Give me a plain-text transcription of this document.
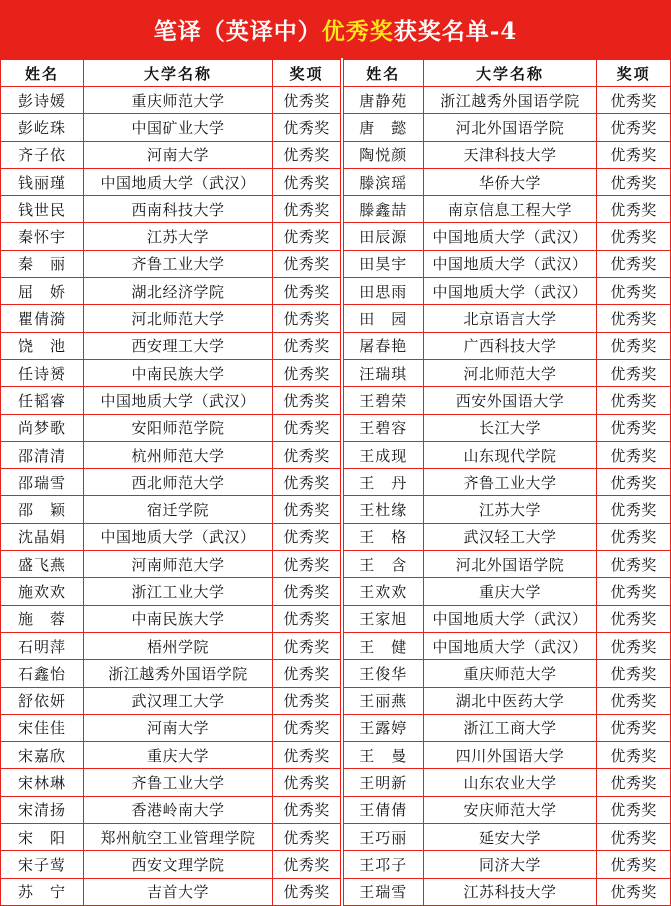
笔译（英译中） 优秀奖 获奖名单-4
姓名	大学名称	奖项
彭诗媛	重庆师范大学	优秀奖
彭屹珠	中国矿业大学	优秀奖
齐子依	河南大学	优秀奖
钱丽瑾	中国地质大学（武汉）	优秀奖
钱世民	西南科技大学	优秀奖
秦怀宇	江苏大学	优秀奖
秦　丽	齐鲁工业大学	优秀奖
屈　娇	湖北经济学院	优秀奖
瞿倩漪	河北师范大学	优秀奖
饶　池	西安理工大学	优秀奖
任诗赟	中南民族大学	优秀奖
任韬睿	中国地质大学（武汉）	优秀奖
尚梦歌	安阳师范学院	优秀奖
邵清清	杭州师范大学	优秀奖
邵瑞雪	西北师范大学	优秀奖
邵　颖	宿迁学院	优秀奖
沈晶娟	中国地质大学（武汉）	优秀奖
盛飞燕	河南师范大学	优秀奖
施欢欢	浙江工业大学	优秀奖
施　蓉	中南民族大学	优秀奖
石明萍	梧州学院	优秀奖
石鑫怡	浙江越秀外国语学院	优秀奖
舒依妍	武汉理工大学	优秀奖
宋佳佳	河南大学	优秀奖
宋嘉欣	重庆大学	优秀奖
宋林琳	齐鲁工业大学	优秀奖
宋清扬	香港岭南大学	优秀奖
宋　阳	郑州航空工业管理学院	优秀奖
宋子莺	西安文理学院	优秀奖
苏　宁	吉首大学	优秀奖
姓名	大学名称	奖项
唐静苑	浙江越秀外国语学院	优秀奖
唐　懿	河北外国语学院	优秀奖
陶悦颜	天津科技大学	优秀奖
滕滨瑶	华侨大学	优秀奖
滕鑫喆	南京信息工程大学	优秀奖
田辰源	中国地质大学（武汉）	优秀奖
田昊宇	中国地质大学（武汉）	优秀奖
田思雨	中国地质大学（武汉）	优秀奖
田　园	北京语言大学	优秀奖
屠春艳	广西科技大学	优秀奖
汪瑞琪	河北师范大学	优秀奖
王碧荣	西安外国语大学	优秀奖
王碧容	长江大学	优秀奖
王成现	山东现代学院	优秀奖
王　丹	齐鲁工业大学	优秀奖
王杜缘	江苏大学	优秀奖
王　格	武汉轻工大学	优秀奖
王　含	河北外国语学院	优秀奖
王欢欢	重庆大学	优秀奖
王家旭	中国地质大学（武汉）	优秀奖
王　健	中国地质大学（武汉）	优秀奖
王俊华	重庆师范大学	优秀奖
王丽燕	湖北中医药大学	优秀奖
王露婷	浙江工商大学	优秀奖
王　曼	四川外国语大学	优秀奖
王明新	山东农业大学	优秀奖
王倩倩	安庆师范大学	优秀奖
王巧丽	延安大学	优秀奖
王邛子	同济大学	优秀奖
王瑞雪	江苏科技大学	优秀奖
